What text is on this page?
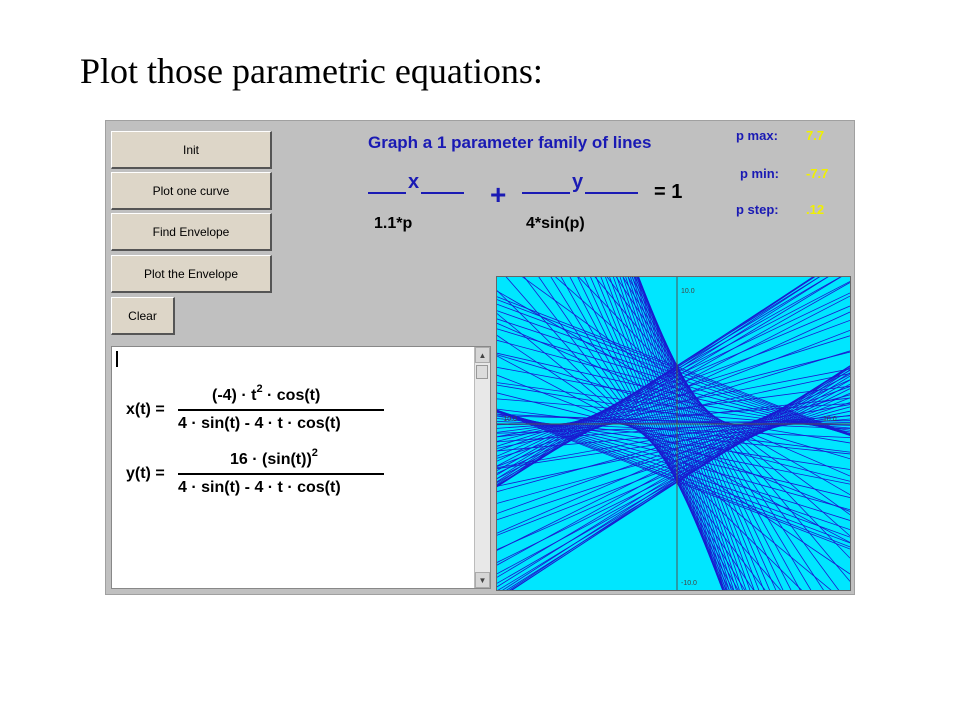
Plot those parametric equations:
Init
Plot one curve
Find Envelope
Plot the Envelope
Clear
Graph a 1 parameter family of lines
x
1.1*p
+	y
4*sin(p)
= 1
p max: 7.7
p min: -7.7
p step: .12
x(t) =
$(-4) \cdot t^2 \cdot \cos(t)$
4 · sin(t) - 4 · t · cos(t)
y(t) =
$16 \cdot (\sin(t))^2$
4 · sin(t) - 4 · t · cos(t)
▲
▼
10.0
-10.0
-10.0	10.0
